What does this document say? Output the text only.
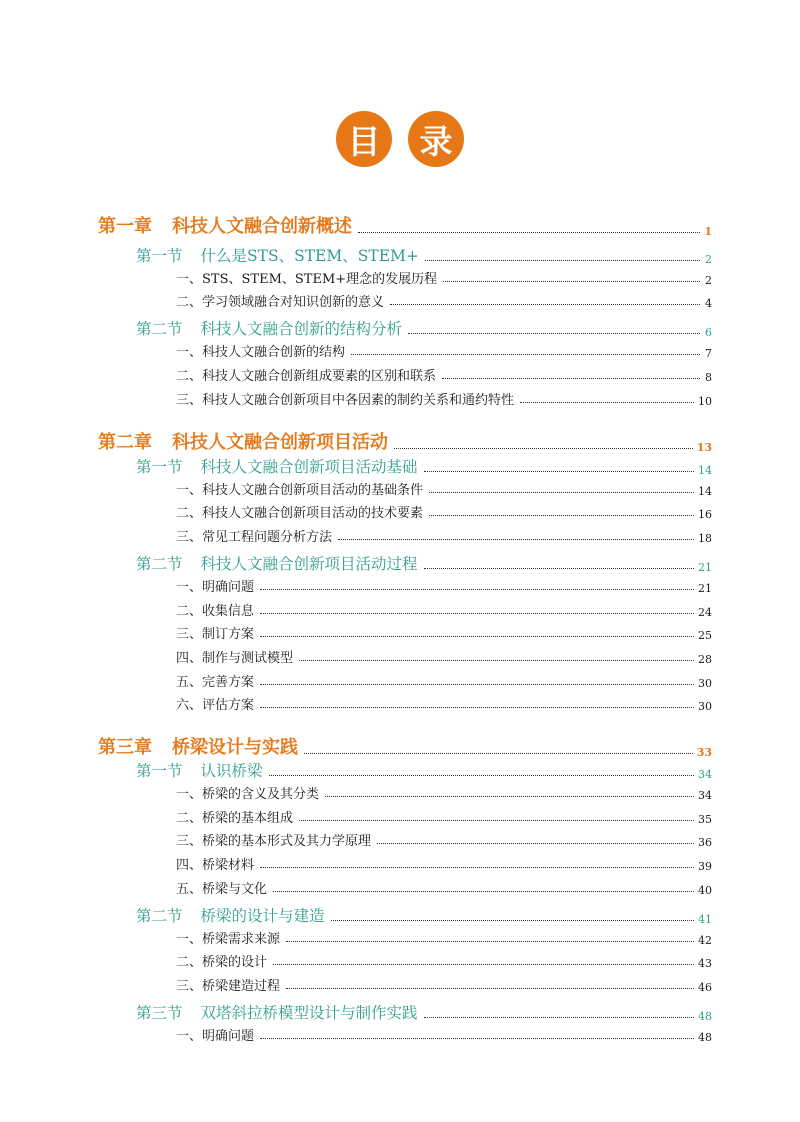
目	录
第一章 科技人文融合创新概述	1
第一节 什么是STS、STEM、STEM+	2
一、 STS、STEM、STEM+理念的发展历程	2
二、 学习领域融合对知识创新的意义	4
第二节 科技人文融合创新的结构分析	6
一、 科技人文融合创新的结构	7
二、 科技人文融合创新组成要素的区别和联系	8
三、 科技人文融合创新项目中各因素的制约关系和通约特性	10
第二章 科技人文融合创新项目活动	13
第一节 科技人文融合创新项目活动基础	14
一、 科技人文融合创新项目活动的基础条件	14
二、 科技人文融合创新项目活动的技术要素	16
三、 常见工程问题分析方法	18
第二节 科技人文融合创新项目活动过程	21
一、 明确问题	21
二、 收集信息	24
三、 制订方案	25
四、 制作与测试模型	28
五、 完善方案	30
六、 评估方案	30
第三章 桥梁设计与实践	33
第一节 认识桥梁	34
一、 桥梁的含义及其分类	34
二、 桥梁的基本组成	35
三、 桥梁的基本形式及其力学原理	36
四、 桥梁材料	39
五、 桥梁与文化	40
第二节 桥梁的设计与建造	41
一、 桥梁需求来源	42
二、 桥梁的设计	43
三、 桥梁建造过程	46
第三节 双塔斜拉桥模型设计与制作实践	48
一、 明确问题	48
